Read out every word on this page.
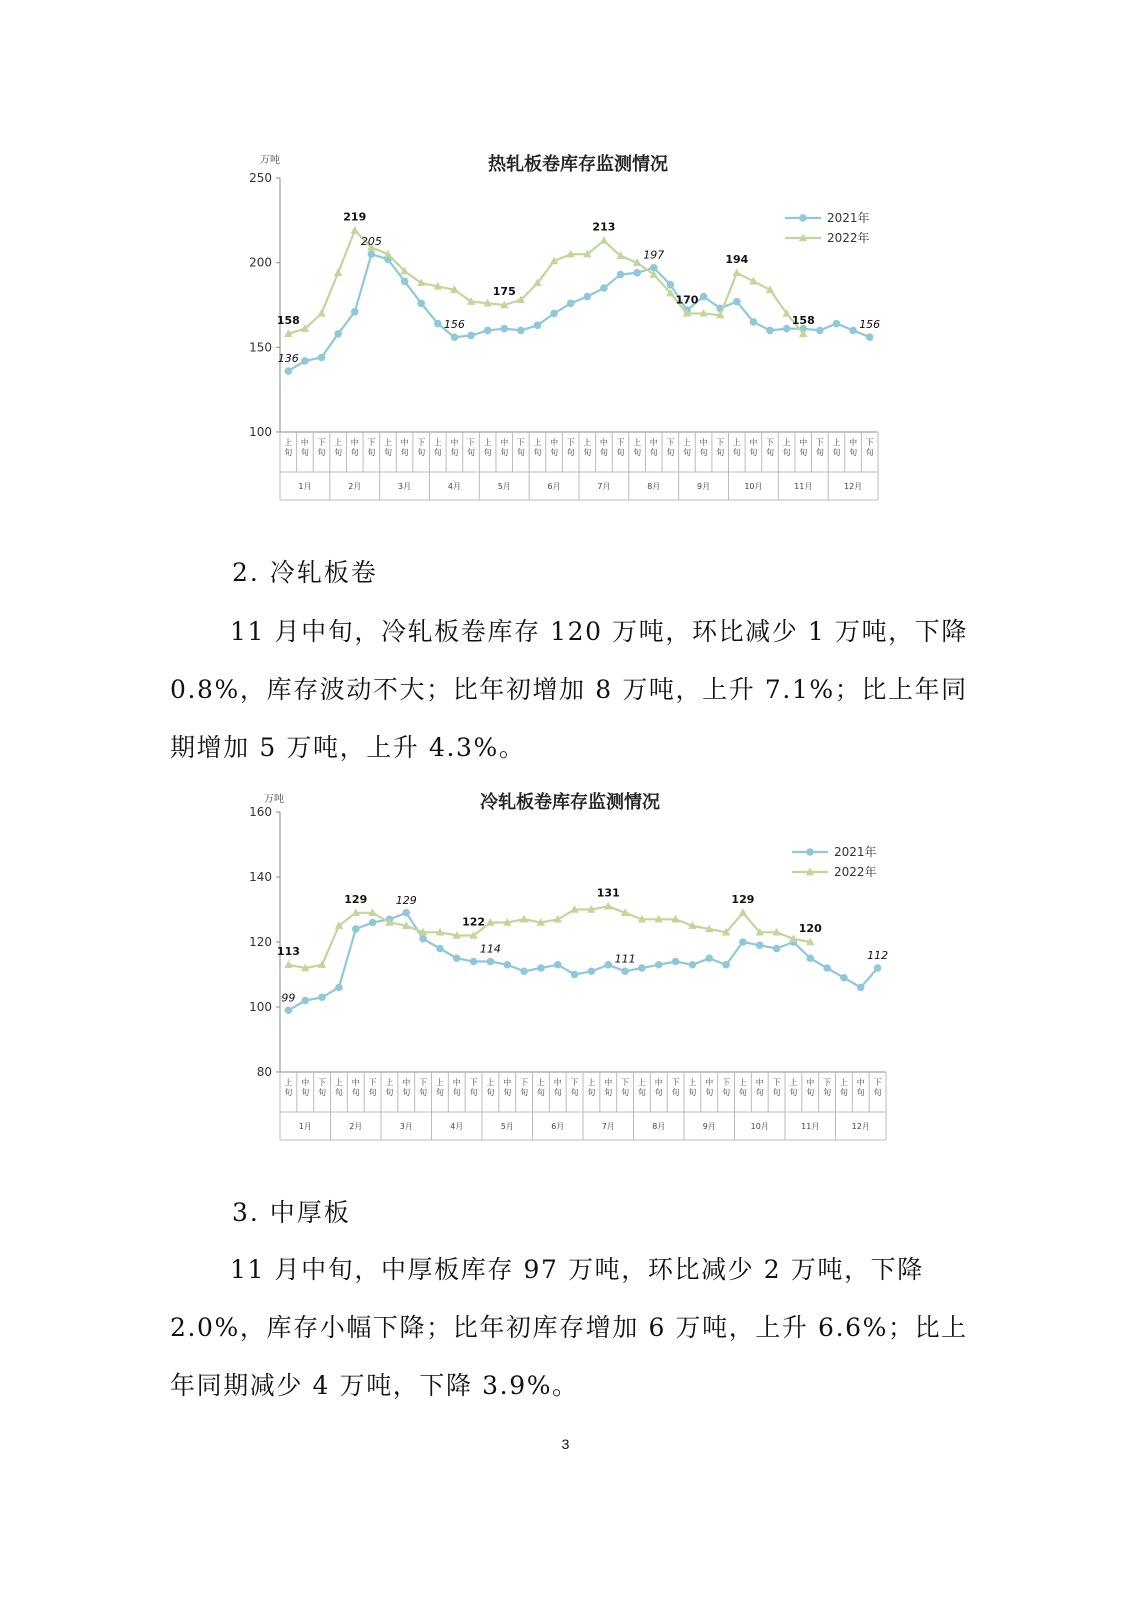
热轧板卷库存监测情况
万吨
100
150
200
250
上
旬
中
旬
下
旬
上
旬
中
旬
下
旬
上
旬
中
旬
下
旬
上
旬
中
旬
下
旬
上
旬
中
旬
下
旬
上
旬
中
旬
下
旬
上
旬
中
旬
下
旬
上
旬
中
旬
下
旬
上
旬
中
旬
下
旬
上
旬
中
旬
下
旬
上
旬
中
旬
下
旬
上
旬
中
旬
下
旬
1月	2月	3月	4月	5月	6月	7月	8月	9月	10月	11月	12月
158
219
175
213
170
194
158
136
205
156
197
156
2021年
2022年
2. 冷轧板卷

11 月中旬，冷轧板卷库存 120 万吨，环比减少 1 万吨，下降 0.8%，库存波动不大；比年初增加 8 万吨，上升 7.1%；比上年同期增加 5 万吨，上升 4.3%。

冷轧板卷库存监测情况
万吨
80
100
120
140
160
上
旬
中
旬
下
旬
上
旬
中
旬
下
旬
上
旬
中
旬
下
旬
上
旬
中
旬
下
旬
上
旬
中
旬
下
旬
上
旬
中
旬
下
旬
上
旬
中
旬
下
旬
上
旬
中
旬
下
旬
上
旬
中
旬
下
旬
上
旬
中
旬
下
旬
上
旬
中
旬
下
旬
上
旬
中
旬
下
旬
1月	2月	3月	4月	5月	6月	7月	8月	9月	10月	11月	12月
113
129
122
131	129
120
99
129
114
111	112
2021年
2022年
3. 中厚板

11 月中旬，中厚板库存 97 万吨，环比减少 2 万吨，下降 2.0%，库存小幅下降；比年初库存增加 6 万吨，上升 6.6%；比上年同期减少 4 万吨，下降 3.9%。

3
